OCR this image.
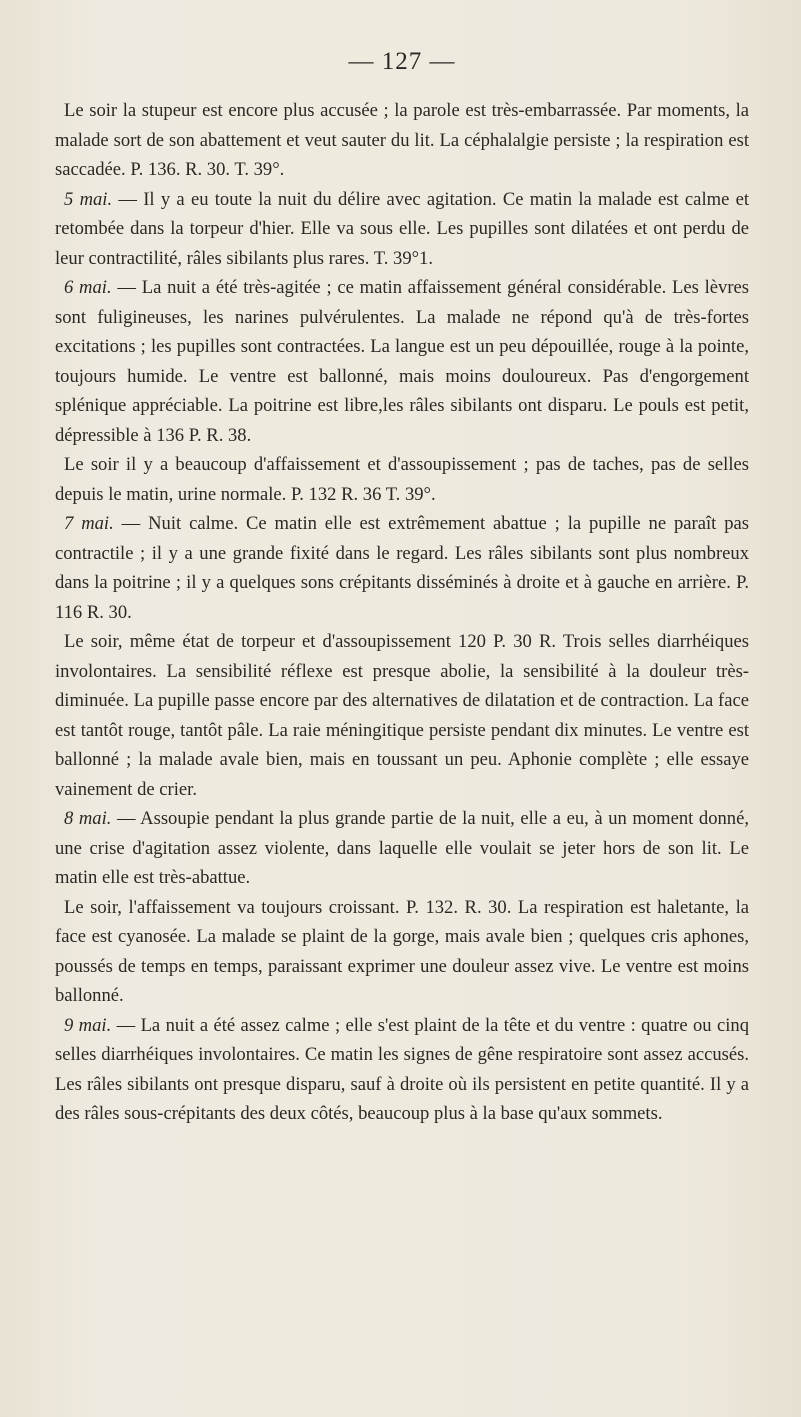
— 127 —

Le soir la stupeur est encore plus accusée ; la parole est très-embarrassée. Par moments, la malade sort de son abattement et veut sauter du lit. La céphalalgie persiste ; la respiration est saccadée. P. 136. R. 30. T. 39°.

5 mai. — Il y a eu toute la nuit du délire avec agitation. Ce matin la malade est calme et retombée dans la torpeur d'hier. Elle va sous elle. Les pupilles sont dilatées et ont perdu de leur contractilité, râles sibilants plus rares. T. 39°1.

6 mai. — La nuit a été très-agitée ; ce matin affaissement général considérable. Les lèvres sont fuligineuses, les narines pulvérulentes. La malade ne répond qu'à de très-fortes excitations ; les pupilles sont contractées. La langue est un peu dépouillée, rouge à la pointe, toujours humide. Le ventre est ballonné, mais moins douloureux. Pas d'engorgement splénique appréciable. La poitrine est libre,les râles sibilants ont disparu. Le pouls est petit, dépressible à 136 P. R. 38.

Le soir il y a beaucoup d'affaissement et d'assoupissement ; pas de taches, pas de selles depuis le matin, urine normale. P. 132 R. 36 T. 39°.

7 mai. — Nuit calme. Ce matin elle est extrêmement abattue ; la pupille ne paraît pas contractile ; il y a une grande fixité dans le regard. Les râles sibilants sont plus nombreux dans la poitrine ; il y a quelques sons crépitants disséminés à droite et à gauche en arrière. P. 116 R. 30.

Le soir, même état de torpeur et d'assoupissement 120 P. 30 R. Trois selles diarrhéiques involontaires. La sensibilité réflexe est presque abolie, la sensibilité à la douleur très-diminuée. La pupille passe encore par des alternatives de dilatation et de contraction. La face est tantôt rouge, tantôt pâle. La raie méningitique persiste pendant dix minutes. Le ventre est ballonné ; la malade avale bien, mais en toussant un peu. Aphonie complète ; elle essaye vainement de crier.

8 mai. — Assoupie pendant la plus grande partie de la nuit, elle a eu, à un moment donné, une crise d'agitation assez violente, dans laquelle elle voulait se jeter hors de son lit. Le matin elle est très-abattue.

Le soir, l'affaissement va toujours croissant. P. 132. R. 30. La respiration est haletante, la face est cyanosée. La malade se plaint de la gorge, mais avale bien ; quelques cris aphones, poussés de temps en temps, paraissant exprimer une douleur assez vive. Le ventre est moins ballonné.

9 mai. — La nuit a été assez calme ; elle s'est plaint de la tête et du ventre : quatre ou cinq selles diarrhéiques involontaires. Ce matin les signes de gêne respiratoire sont assez accusés. Les râles sibilants ont presque disparu, sauf à droite où ils persistent en petite quantité. Il y a des râles sous-crépitants des deux côtés, beaucoup plus à la base qu'aux sommets.
